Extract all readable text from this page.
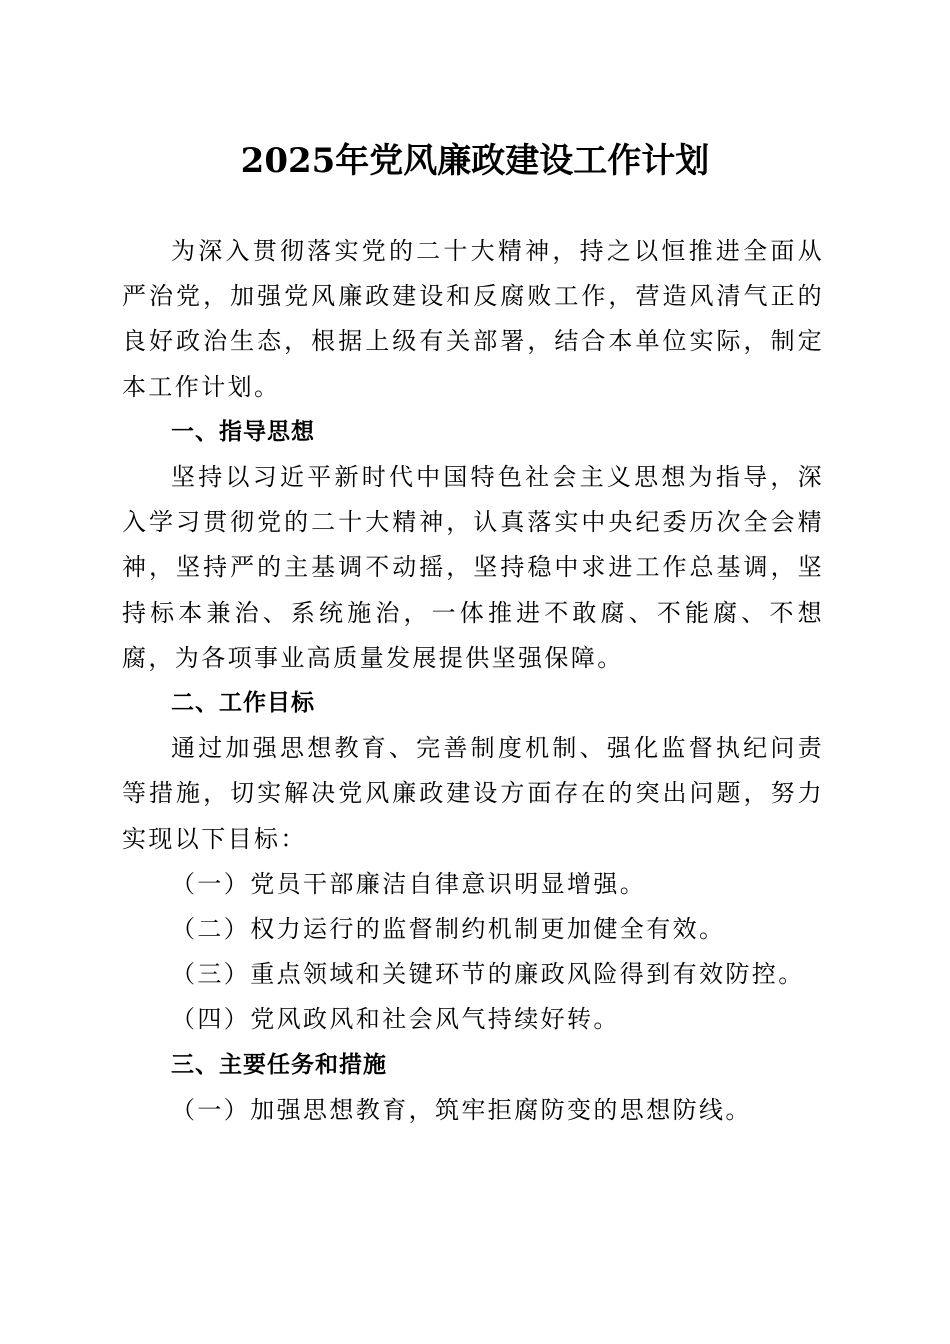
2025年党风廉政建设工作计划

为深入贯彻落实党的二十大精神，持之以恒推进全面从严治党，加强党风廉政建设和反腐败工作，营造风清气正的良好政治生态，根据上级有关部署，结合本单位实际，制定本工作计划。

一、指导思想

坚持以习近平新时代中国特色社会主义思想为指导，深入学习贯彻党的二十大精神，认真落实中央纪委历次全会精神，坚持严的主基调不动摇，坚持稳中求进工作总基调，坚持标本兼治、系统施治，一体推进不敢腐、不能腐、不想腐，为各项事业高质量发展提供坚强保障。

二、工作目标

通过加强思想教育、完善制度机制、强化监督执纪问责等措施，切实解决党风廉政建设方面存在的突出问题，努力实现以下目标：

（一）党员干部廉洁自律意识明显增强。

（二）权力运行的监督制约机制更加健全有效。

（三）重点领域和关键环节的廉政风险得到有效防控。

（四）党风政风和社会风气持续好转。

三、主要任务和措施

（一）加强思想教育，筑牢拒腐防变的思想防线。
